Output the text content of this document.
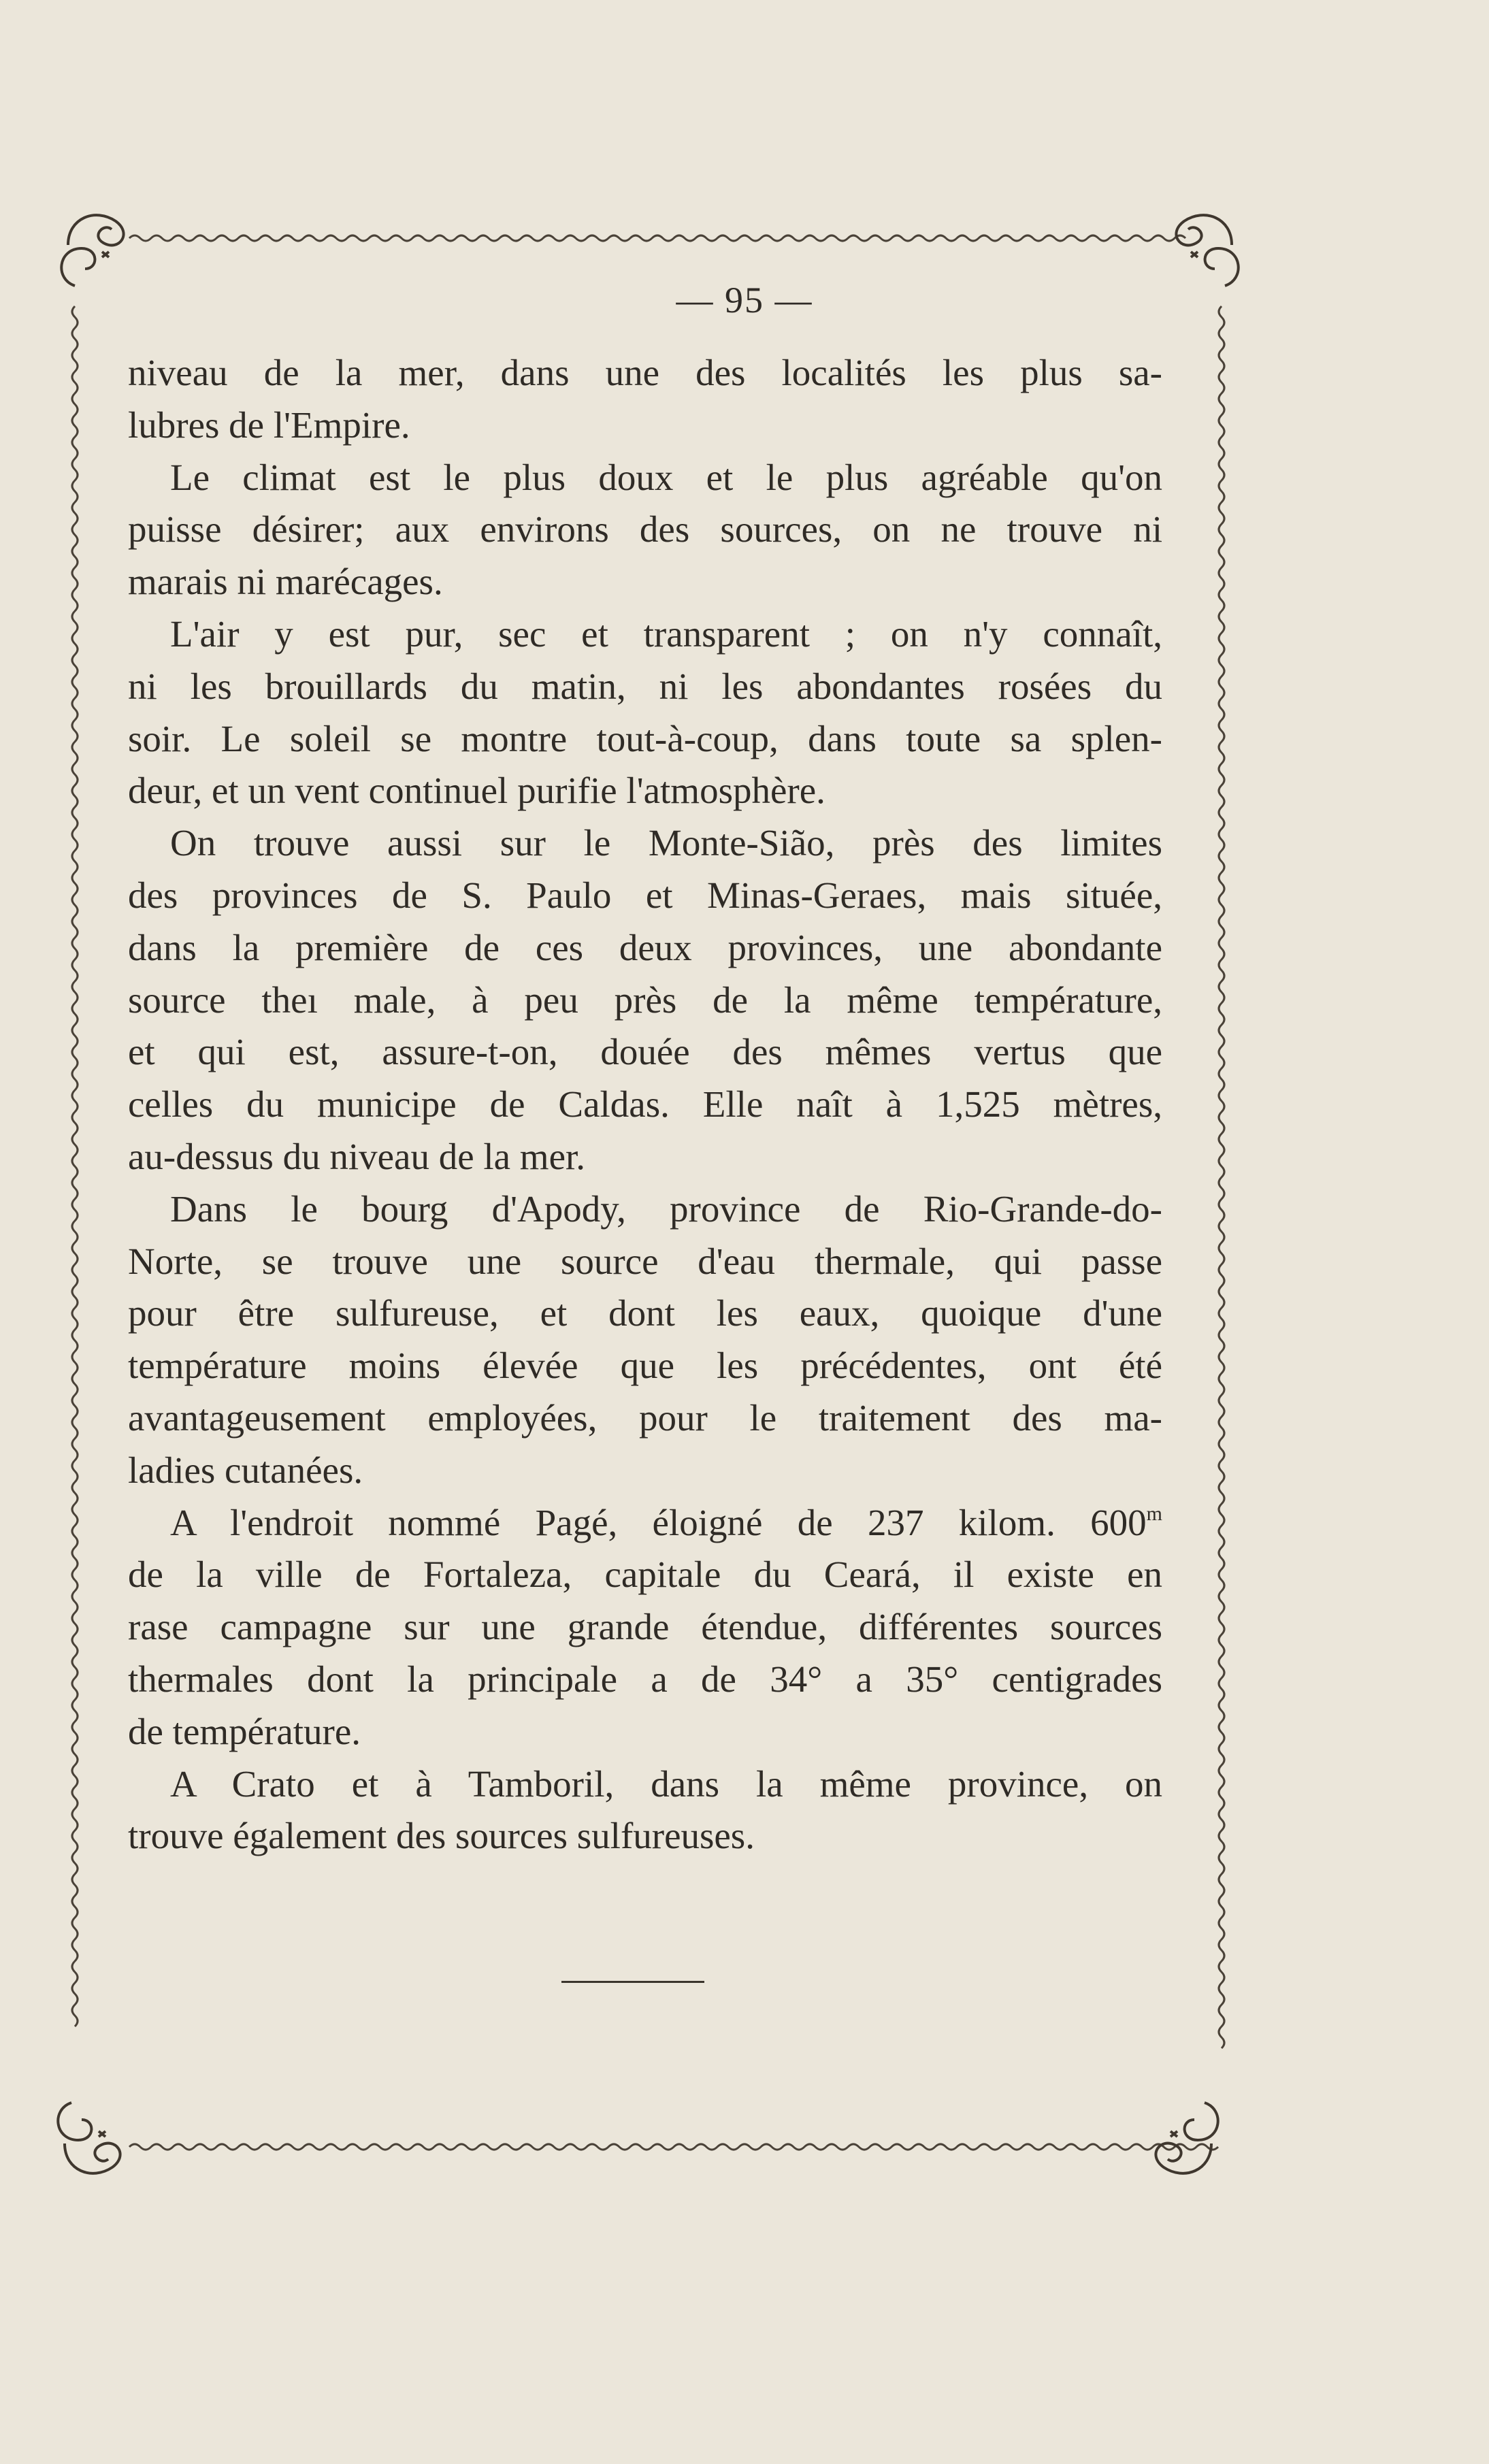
— 95 —
niveau de la mer, dans une des localités les plus sa-
lubres de l'Empire.
Le climat est le plus doux et le plus agréable qu'on
puisse désirer; aux environs des sources, on ne trouve ni
marais ni marécages.
L'air y est pur, sec et transparent ; on n'y connaît,
ni les brouillards du matin, ni les abondantes rosées du
soir. Le soleil se montre tout-à-coup, dans toute sa splen-
deur, et un vent continuel purifie l'atmosphère.
On trouve aussi sur le Monte-Sião, près des limites
des provinces de S. Paulo et Minas-Geraes, mais située,
dans la première de ces deux provinces, une abondante
source theı male, à peu près de la même température,
et qui est, assure-t-on, douée des mêmes vertus que
celles du municipe de Caldas. Elle naît à 1,525 mètres,
au-dessus du niveau de la mer.
Dans le bourg d'Apody, province de Rio-Grande-do-
Norte, se trouve une source d'eau thermale, qui passe
pour être sulfureuse, et dont les eaux, quoique d'une
température moins élevée que les précédentes, ont été
avantageusement employées, pour le traitement des ma-
ladies cutanées.
A l'endroit nommé Pagé, éloigné de 237 kilom. 600$^m$
de la ville de Fortaleza, capitale du Ceará, il existe en
rase campagne sur une grande étendue, différentes sources
thermales dont la principale a de 34° a 35° centigrades
de température.
A Crato et à Tamboril, dans la même province, on
trouve également des sources sulfureuses.
